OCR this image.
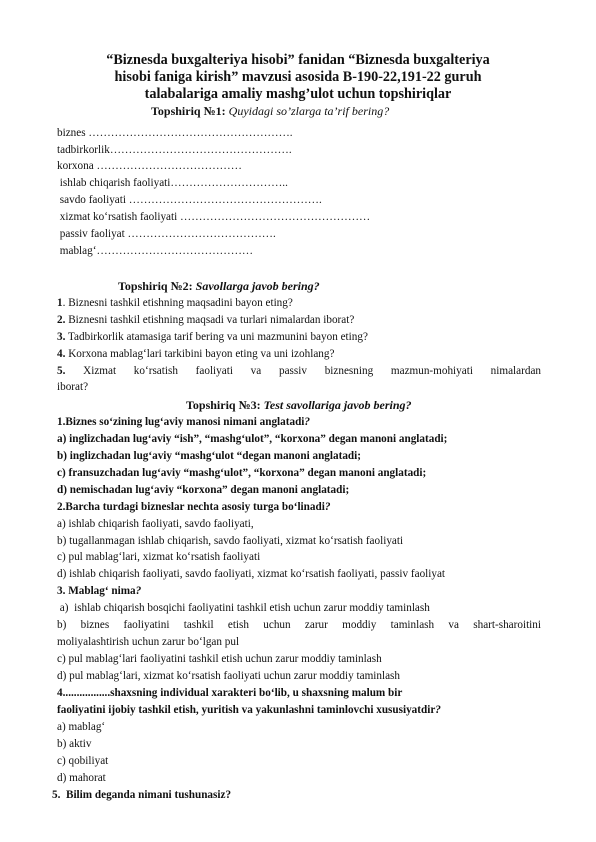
“Biznesda buxgalteriya hisobi” fanidan “Biznesda buxgalteriya
hisobi faniga kirish” mavzusi asosida B-190-22,191-22 guruh
talabalariga amaliy mashg’ulot uchun topshiriqlar
Topshiriq №1: Quyidagi so’zlarga ta’rif bering?
biznes ……………………………………………….
tadbirkorlik………………………………………….
korxona …………………………………
ishlab chiqarish faoliyati…………………………..
savdo faoliyati …………………………………………….
xizmat ko‘rsatish faoliyati ……………………………………………
passiv faoliyat ………………………………….
mablag‘……………………………………
Topshiriq №2: Savollarga javob bering?
1. Biznesni tashkil etishning maqsadini bayon eting?
2. Biznesni tashkil etishning maqsadi va turlari nimalardan iborat?
3. Tadbirkorlik atamasiga tarif bering va uni mazmunini bayon eting?
4. Korxona mablag‘lari tarkibini bayon eting va uni izohlang?
5. Xizmat ko‘rsatish faoliyati va passiv biznesning mazmun-mohiyati nimalardan
iborat?
Topshiriq №3: Test savollariga javob bering?
1.Biznes so‘zining lug‘aviy manosi nimani anglatadi?
a) inglizchadan lug‘aviy “ish”, “mashg‘ulot”, “korxona” degan manoni anglatadi;
b) inglizchadan lug‘aviy “mashg‘ulot “degan manoni anglatadi;
c) fransuzchadan lug‘aviy “mashg‘ulot”, “korxona” degan manoni anglatadi;
d) nemischadan lug‘aviy “korxona” degan manoni anglatadi;
2.Barcha turdagi bizneslar nechta asosiy turga bo‘linadi?
a) ishlab chiqarish faoliyati, savdo faoliyati,
b) tugallanmagan ishlab chiqarish, savdo faoliyati, xizmat ko‘rsatish faoliyati
c) pul mablag‘lari, xizmat ko‘rsatish faoliyati
d) ishlab chiqarish faoliyati, savdo faoliyati, xizmat ko‘rsatish faoliyati, passiv faoliyat
3. Mablag‘ nima?
a)  ishlab chiqarish bosqichi faoliyatini tashkil etish uchun zarur moddiy taminlash
b) biznes faoliyatini tashkil etish uchun zarur moddiy taminlash va shart-sharoitini
moliyalashtirish uchun zarur bo‘lgan pul
c) pul mablag‘lari faoliyatini tashkil etish uchun zarur moddiy taminlash
d) pul mablag‘lari, xizmat ko‘rsatish faoliyati uchun zarur moddiy taminlash
4.................shaxsning individual xarakteri bo‘lib, u shaxsning malum bir
faoliyatini ijobiy tashkil etish, yuritish va yakunlashni taminlovchi xususiyatdir?
a) mablag‘
b) aktiv
c) qobiliyat
d) mahorat
5.  Bilim deganda nimani tushunasiz?
